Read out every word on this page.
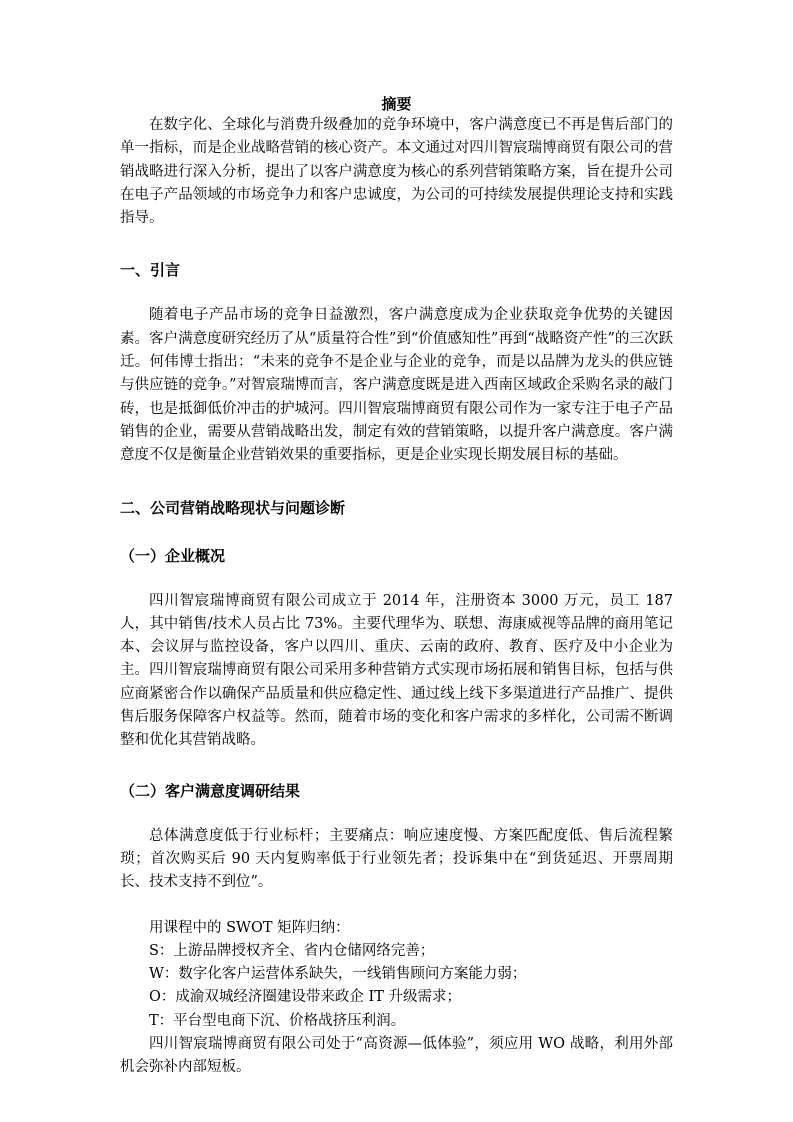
摘要

在数字化、全球化与消费升级叠加的竞争环境中，客户满意度已不再是售后部门的单一指标，而是企业战略营销的核心资产。本文通过对四川智宸瑞博商贸有限公司的营销战略进行深入分析，提出了以客户满意度为核心的系列营销策略方案，旨在提升公司在电子产品领域的市场竞争力和客户忠诚度，为公司的可持续发展提供理论支持和实践指导。

一、引言

随着电子产品市场的竞争日益激烈，客户满意度成为企业获取竞争优势的关键因素。客户满意度研究经历了从“质量符合性”到“价值感知性”再到“战略资产性”的三次跃迁。何伟博士指出：“未来的竞争不是企业与企业的竞争，而是以品牌为龙头的供应链与供应链的竞争。”对智宸瑞博而言，客户满意度既是进入西南区域政企采购名录的敲门砖，也是抵御低价冲击的护城河。四川智宸瑞博商贸有限公司作为一家专注于电子产品销售的企业，需要从营销战略出发，制定有效的营销策略，以提升客户满意度。客户满意度不仅是衡量企业营销效果的重要指标，更是企业实现长期发展目标的基础。

二、公司营销战略现状与问题诊断
（一）企业概况

四川智宸瑞博商贸有限公司成立于 2014 年，注册资本 3000 万元，员工 187人，其中销售/技术人员占比 73%。主要代理华为、联想、海康威视等品牌的商用笔记本、会议屏与监控设备，客户以四川、重庆、云南的政府、教育、医疗及中小企业为主。四川智宸瑞博商贸有限公司采用多种营销方式实现市场拓展和销售目标，包括与供应商紧密合作以确保产品质量和供应稳定性、通过线上线下多渠道进行产品推广、提供售后服务保障客户权益等。然而，随着市场的变化和客户需求的多样化，公司需不断调整和优化其营销战略。

（二）客户满意度调研结果

总体满意度低于行业标杆；主要痛点：响应速度慢、方案匹配度低、售后流程繁琐；首次购买后 90 天内复购率低于行业领先者；投诉集中在“到货延迟、开票周期长、技术支持不到位”。

用课程中的 SWOT 矩阵归纳：

S：上游品牌授权齐全、省内仓储网络完善；

W：数字化客户运营体系缺失，一线销售顾问方案能力弱；

O：成渝双城经济圈建设带来政企 IT 升级需求；

T：平台型电商下沉、价格战挤压利润。

四川智宸瑞博商贸有限公司处于“高资源—低体验”，须应用 WO 战略，利用外部机会弥补内部短板。
